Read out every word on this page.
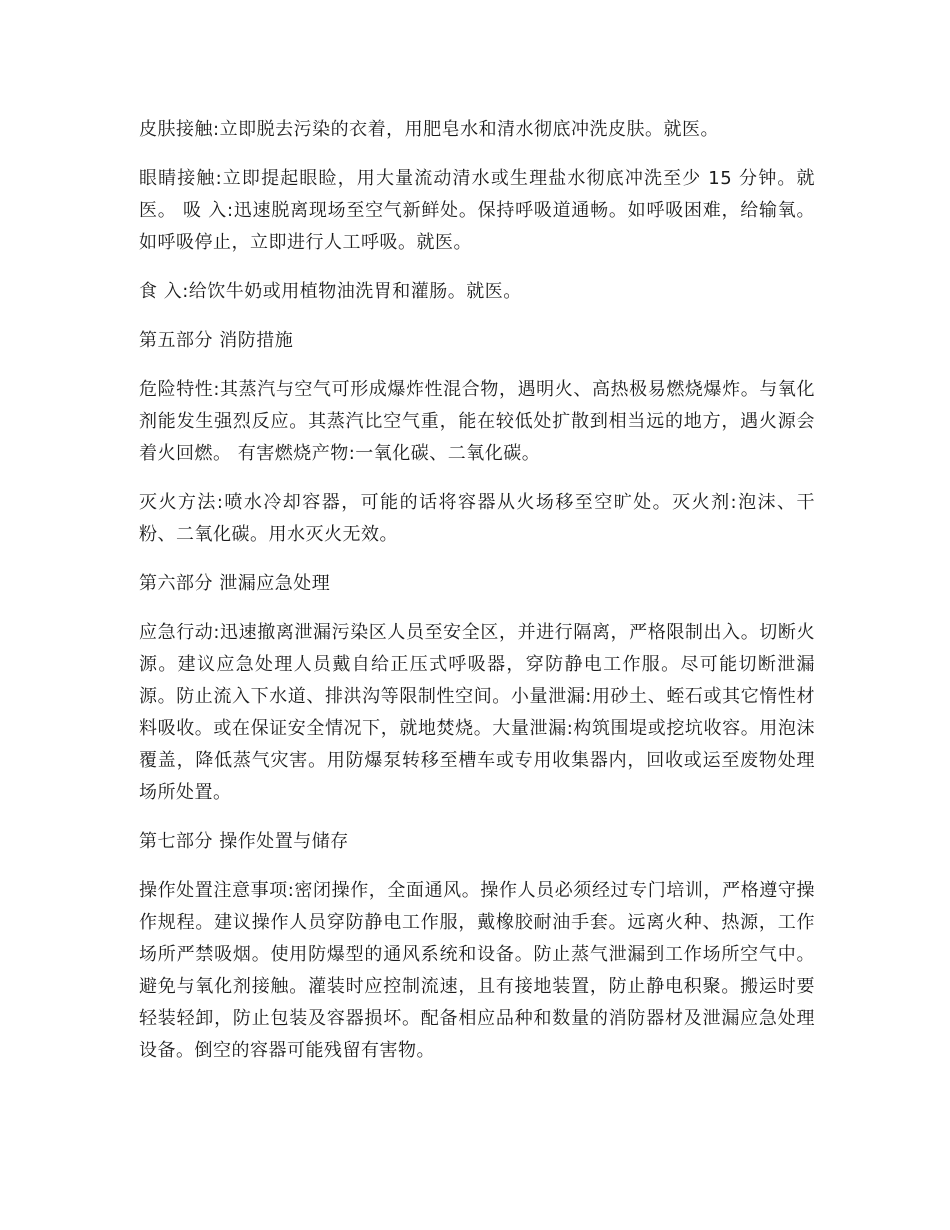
皮肤接触:立即脱去污染的衣着，用肥皂水和清水彻底冲洗皮肤。就医。

眼睛接触:立即提起眼睑，用大量流动清水或生理盐水彻底冲洗至少 15 分钟。就医。 吸 入:迅速脱离现场至空气新鲜处。保持呼吸道通畅。如呼吸困难，给输氧。如呼吸停止，立即进行人工呼吸。就医。

食 入:给饮牛奶或用植物油洗胃和灌肠。就医。

第五部分 消防措施

危险特性:其蒸汽与空气可形成爆炸性混合物，遇明火、高热极易燃烧爆炸。与氧化剂能发生强烈反应。其蒸汽比空气重，能在较低处扩散到相当远的地方，遇火源会着火回燃。 有害燃烧产物:一氧化碳、二氧化碳。

灭火方法:喷水冷却容器，可能的话将容器从火场移至空旷处。灭火剂:泡沫、干粉、二氧化碳。用水灭火无效。

第六部分 泄漏应急处理

应急行动:迅速撤离泄漏污染区人员至安全区，并进行隔离，严格限制出入。切断火源。建议应急处理人员戴自给正压式呼吸器，穿防静电工作服。尽可能切断泄漏源。防止流入下水道、排洪沟等限制性空间。小量泄漏:用砂土、蛭石或其它惰性材料吸收。或在保证安全情况下，就地焚烧。大量泄漏:构筑围堤或挖坑收容。用泡沫覆盖，降低蒸气灾害。用防爆泵转移至槽车或专用收集器内，回收或运至废物处理场所处置。

第七部分 操作处置与储存

操作处置注意事项:密闭操作，全面通风。操作人员必须经过专门培训，严格遵守操作规程。建议操作人员穿防静电工作服，戴橡胶耐油手套。远离火种、热源，工作场所严禁吸烟。使用防爆型的通风系统和设备。防止蒸气泄漏到工作场所空气中。避免与氧化剂接触。灌装时应控制流速，且有接地装置，防止静电积聚。搬运时要轻装轻卸，防止包装及容器损坏。配备相应品种和数量的消防器材及泄漏应急处理设备。倒空的容器可能残留有害物。
